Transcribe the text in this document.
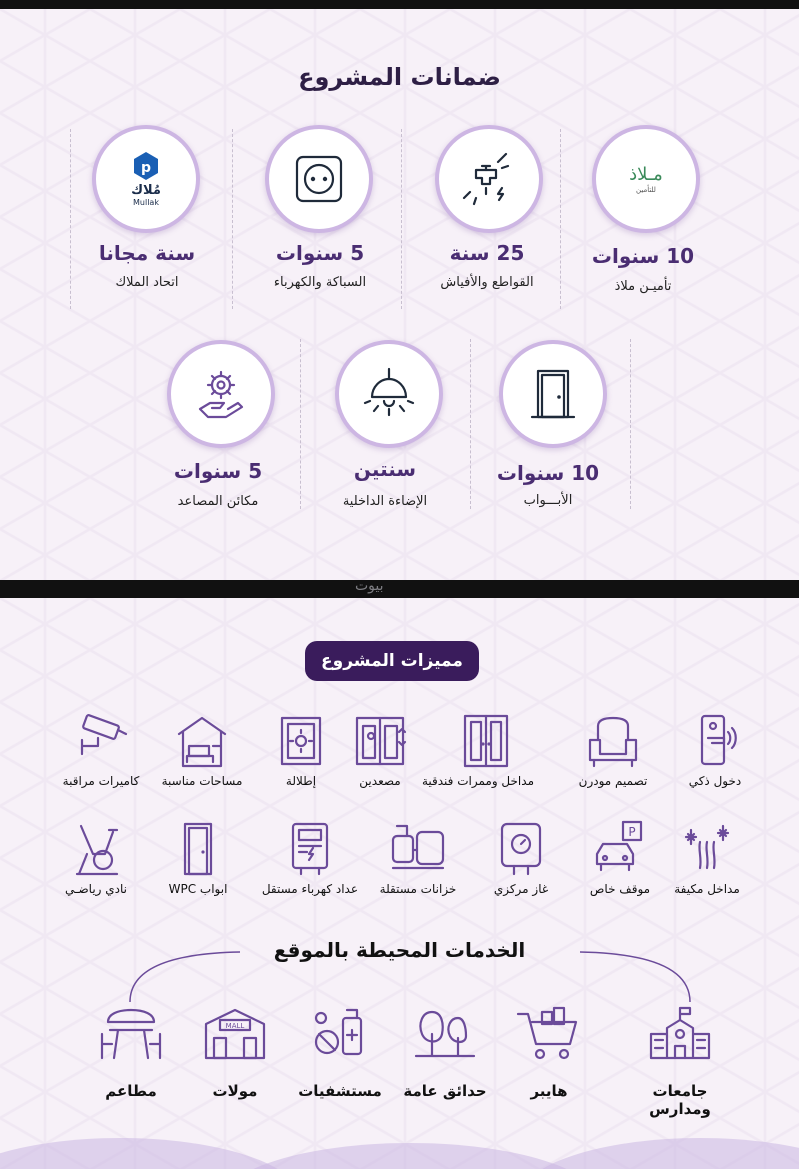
ضمانات المشروع
p
مُلاك
Mullak
سنة مجانا
اتحاد الملاك
5 سنوات
السباكة والكهرباء
25 سنة
القواطع والأفياش
مـلاذ
للتأمين
10 سنوات
تأميـن ملاذ
5 سنوات
مكائن المصاعد
سنتين
الإضاءة الداخلية
10 سنوات
الأبـــواب
بيوت
مميزات المشروع
كاميرات مراقبة	مساحات مناسبة	إطلالة	مصعدين	مداخل وممرات فندقية	تصميم مودرن	دخول ذكي
نادي رياضـي	ابواب WPC	عداد كهرباء مستقل	خزانات مستقلة	غاز مركزي
P
موقف خاص	مداخل مكيفة
الخدمات المحيطة بالموقع
مطاعم
MALL
مولات	مستشفيات	حدائق عامة	هايبر	جامعات ومدارس
